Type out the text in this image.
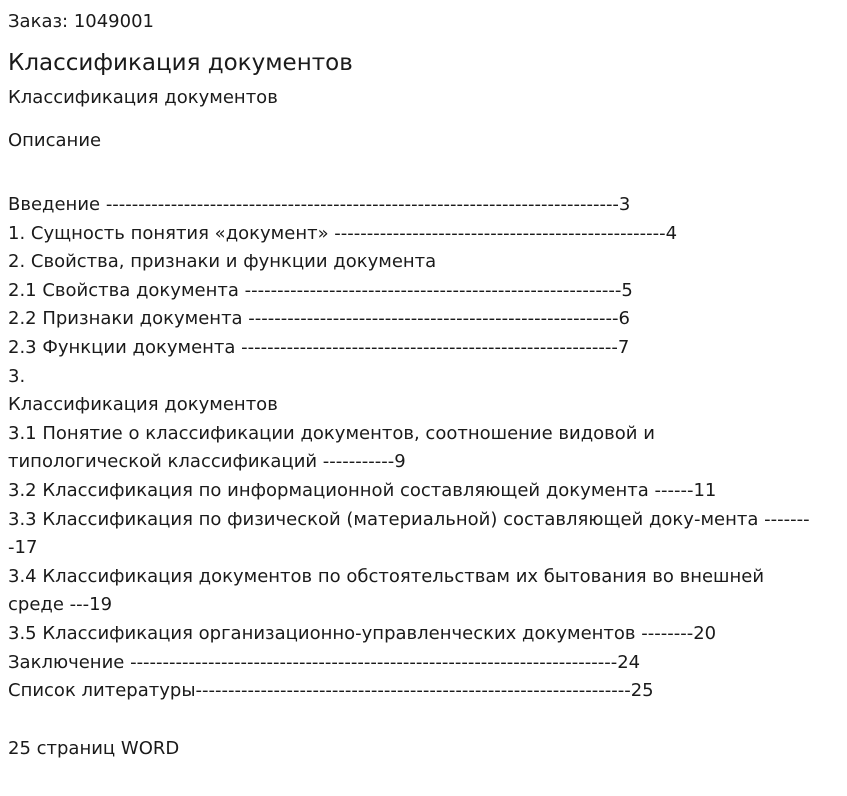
Заказ: 1049001

Классификация документов

Классификация документов

Описание

Введение -------------------------------------------------------------------------------3
1. Сущность понятия «документ» ---------------------------------------------------4
2. Свойства, признаки и функции документа
2.1 Свойства документа ----------------------------------------------------------5
2.2 Признаки документа ---------------------------------------------------------6
2.3 Функции документа ----------------------------------------------------------7
3.
Классификация документов
3.1 Понятие о классификации документов, соотношение видовой и типологической классификаций -----------9
3.2 Классификация по информационной составляющей документа ------11
3.3 Классификация по физической (материальной) составляющей доку-мента --------17
3.4 Классификация документов по обстоятельствам их бытования во внешней среде ---19
3.5 Классификация организационно-управленческих документов --------20
Заключение ---------------------------------------------------------------------------24
Список литературы-------------------------------------------------------------------25

25 страниц WORD
